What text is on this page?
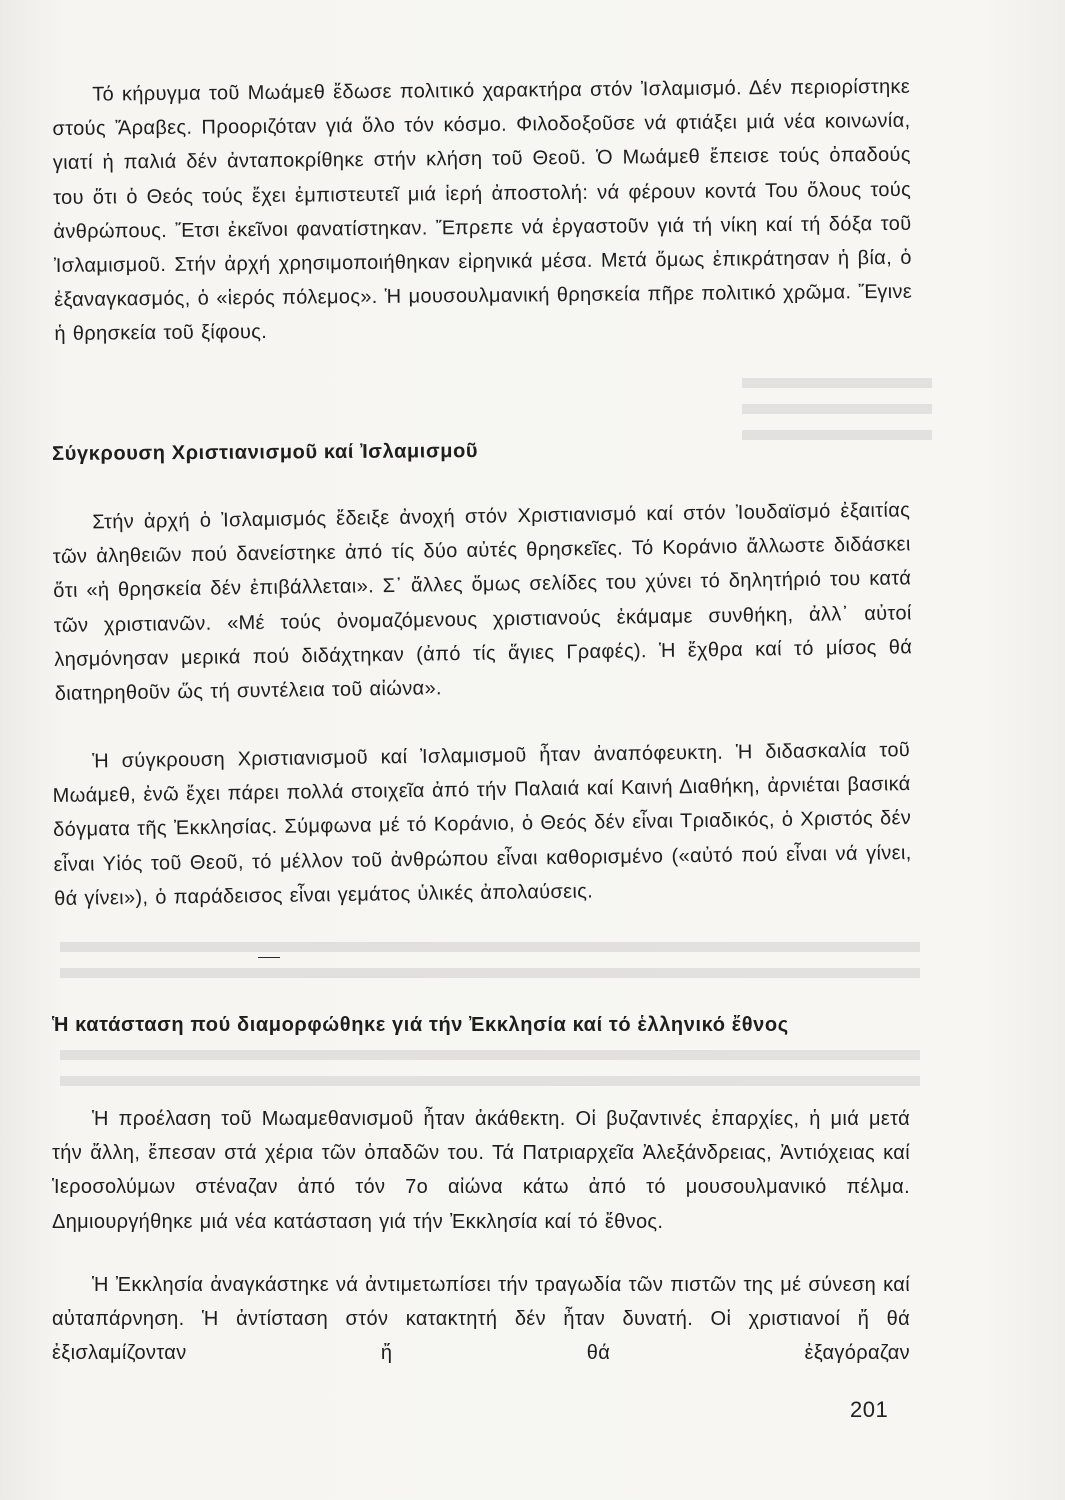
Τό κήρυγμα τοῦ Μωάμεθ ἔδωσε πολιτικό χαρακτήρα στόν Ἰσλαμισμό. Δέν περιορίστηκε στούς Ἄραβες. Προοριζόταν γιά ὅλο τόν κόσμο. Φιλοδοξοῦσε νά φτιάξει μιά νέα κοινωνία, γιατί ἡ παλιά δέν ἀνταποκρίθηκε στήν κλήση τοῦ Θεοῦ. Ὁ Μωάμεθ ἔπεισε τούς ὀπαδούς του ὅτι ὁ Θεός τούς ἔχει ἐμπιστευτεῖ μιά ἱερή ἀποστολή: νά φέρουν κοντά Του ὅλους τούς ἀνθρώπους. Ἔτσι ἐκεῖνοι φανατίστηκαν. Ἔπρεπε νά ἐργαστοῦν γιά τή νίκη καί τή δόξα τοῦ Ἰσλαμισμοῦ. Στήν ἀρχή χρησιμοποιήθηκαν εἰρηνικά μέσα. Μετά ὅμως ἐπικράτησαν ἡ βία, ὁ ἐξαναγκασμός, ὁ «ἱερός πόλεμος». Ἡ μουσουλμανική θρησκεία πῆρε πολιτικό χρῶμα. Ἔγινε ἡ θρησκεία τοῦ ξίφους.

Σύγκρουση Χριστιανισμοῦ καί Ἰσλαμισμοῦ

Στήν ἀρχή ὁ Ἰσλαμισμός ἔδειξε ἀνοχή στόν Χριστιανισμό καί στόν Ἰουδαϊσμό ἐξαιτίας τῶν ἀληθειῶν πού δανείστηκε ἀπό τίς δύο αὐτές θρησκεῖες. Τό Κοράνιο ἄλλωστε διδάσκει ὅτι «ἡ θρησκεία δέν ἐπιβάλλεται». Σ᾽ ἄλλες ὅμως σελίδες του χύνει τό δηλητήριό του κατά τῶν χριστιανῶν. «Μέ τούς ὀνομαζόμενους χριστιανούς ἐκάμαμε συνθήκη, ἀλλ᾽ αὐτοί λησμόνησαν μερικά πού διδάχτηκαν (ἀπό τίς ἅγιες Γραφές). Ἡ ἔχθρα καί τό μίσος θά διατηρηθοῦν ὥς τή συντέλεια τοῦ αἰώνα».

Ἡ σύγκρουση Χριστιανισμοῦ καί Ἰσλαμισμοῦ ἦταν ἀναπόφευκτη. Ἡ διδασκαλία τοῦ Μωάμεθ, ἐνῶ ἔχει πάρει πολλά στοιχεῖα ἀπό τήν Παλαιά καί Καινή Διαθήκη, ἀρνιέται βασικά δόγματα τῆς Ἐκκλησίας. Σύμφωνα μέ τό Κοράνιο, ὁ Θεός δέν εἶναι Τριαδικός, ὁ Χριστός δέν εἶναι Υἱός τοῦ Θεοῦ, τό μέλλον τοῦ ἀνθρώπου εἶναι καθορισμένο («αὐτό πού εἶναι νά γίνει, θά γίνει»), ὁ παράδεισος εἶναι γεμάτος ὑλικές ἀπολαύσεις.

Ἡ κατάσταση πού διαμορφώθηκε γιά τήν Ἐκκλησία καί τό ἑλληνικό ἔθνος

Ἡ προέλαση τοῦ Μωαμεθανισμοῦ ἦταν ἀκάθεκτη. Οἱ βυζαντινές ἐπαρχίες, ἡ μιά μετά τήν ἄλλη, ἔπεσαν στά χέρια τῶν ὀπαδῶν του. Τά Πατριαρχεῖα Ἀλεξάνδρειας, Ἀντιόχειας καί Ἱεροσολύμων στέναζαν ἀπό τόν 7ο αἰώνα κάτω ἀπό τό μουσουλμανικό πέλμα. Δημιουργήθηκε μιά νέα κατάσταση γιά τήν Ἐκκλησία καί τό ἔθνος.

Ἡ Ἐκκλησία ἀναγκάστηκε νά ἀντιμετωπίσει τήν τραγωδία τῶν πιστῶν της μέ σύνεση καί αὐταπάρνηση. Ἡ ἀντίσταση στόν κατακτητή δέν ἦταν δυνατή. Οἱ χριστιανοί ἤ θά ἐξισλαμίζονταν ἤ θά ἐξαγόραζαν

201
